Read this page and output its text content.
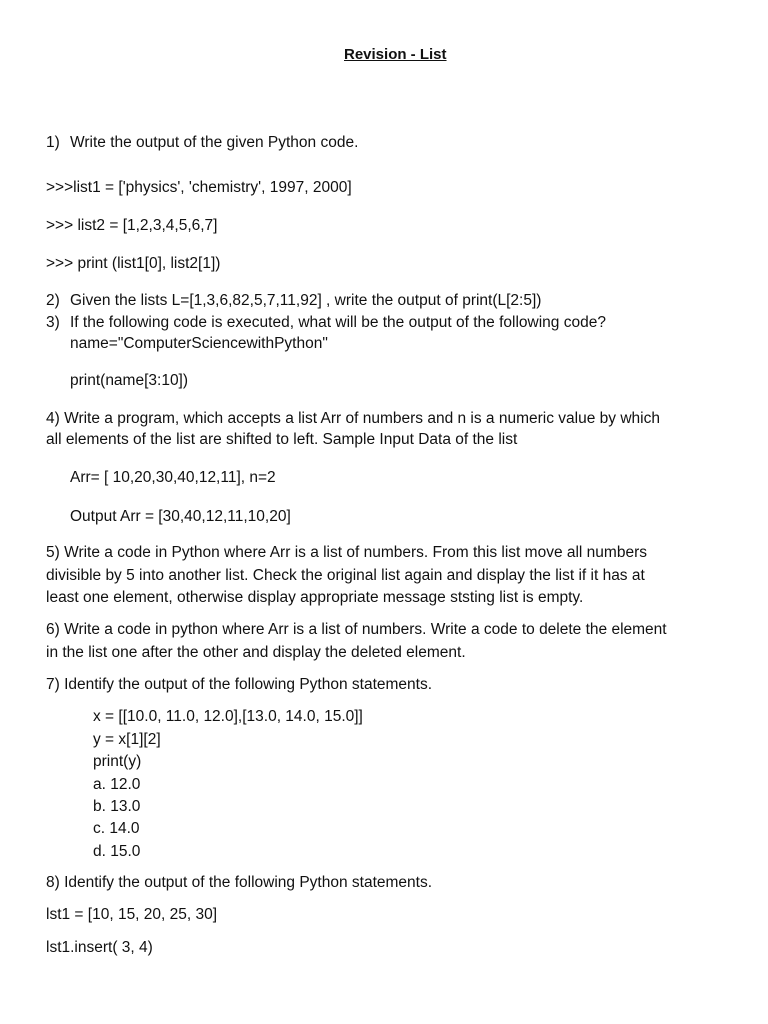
Revision - List
1) Write the output of the given Python code.
>>>list1 = ['physics', 'chemistry', 1997, 2000]
>>> list2 = [1,2,3,4,5,6,7]
>>> print (list1[0], list2[1])
2) Given the lists L=[1,3,6,82,5,7,11,92] , write the output of print(L[2:5])
3) If the following code is executed, what will be the output of the following code?
name="ComputerSciencewithPython"
print(name[3:10])
4) Write a program, which accepts a list Arr of numbers and n is a numeric value by which
all elements of the list are shifted to left. Sample Input Data of the list
Arr= [ 10,20,30,40,12,11], n=2
Output Arr = [30,40,12,11,10,20]
5) Write a code in Python where Arr is a list of numbers. From this list move all numbers
divisible by 5 into another list. Check the original list again and display the list if it has at
least one element, otherwise display appropriate message ststing list is empty.
6) Write a code in python where Arr is a list of numbers. Write a code to delete the element
in the list one after the other and display the deleted element.
7) Identify the output of the following Python statements.
x = [[10.0, 11.0, 12.0],[13.0, 14.0, 15.0]]
y = x[1][2]
print(y)
a. 12.0
b. 13.0
c. 14.0
d. 15.0
8) Identify the output of the following Python statements.
lst1 = [10, 15, 20, 25, 30]
lst1.insert( 3, 4)
